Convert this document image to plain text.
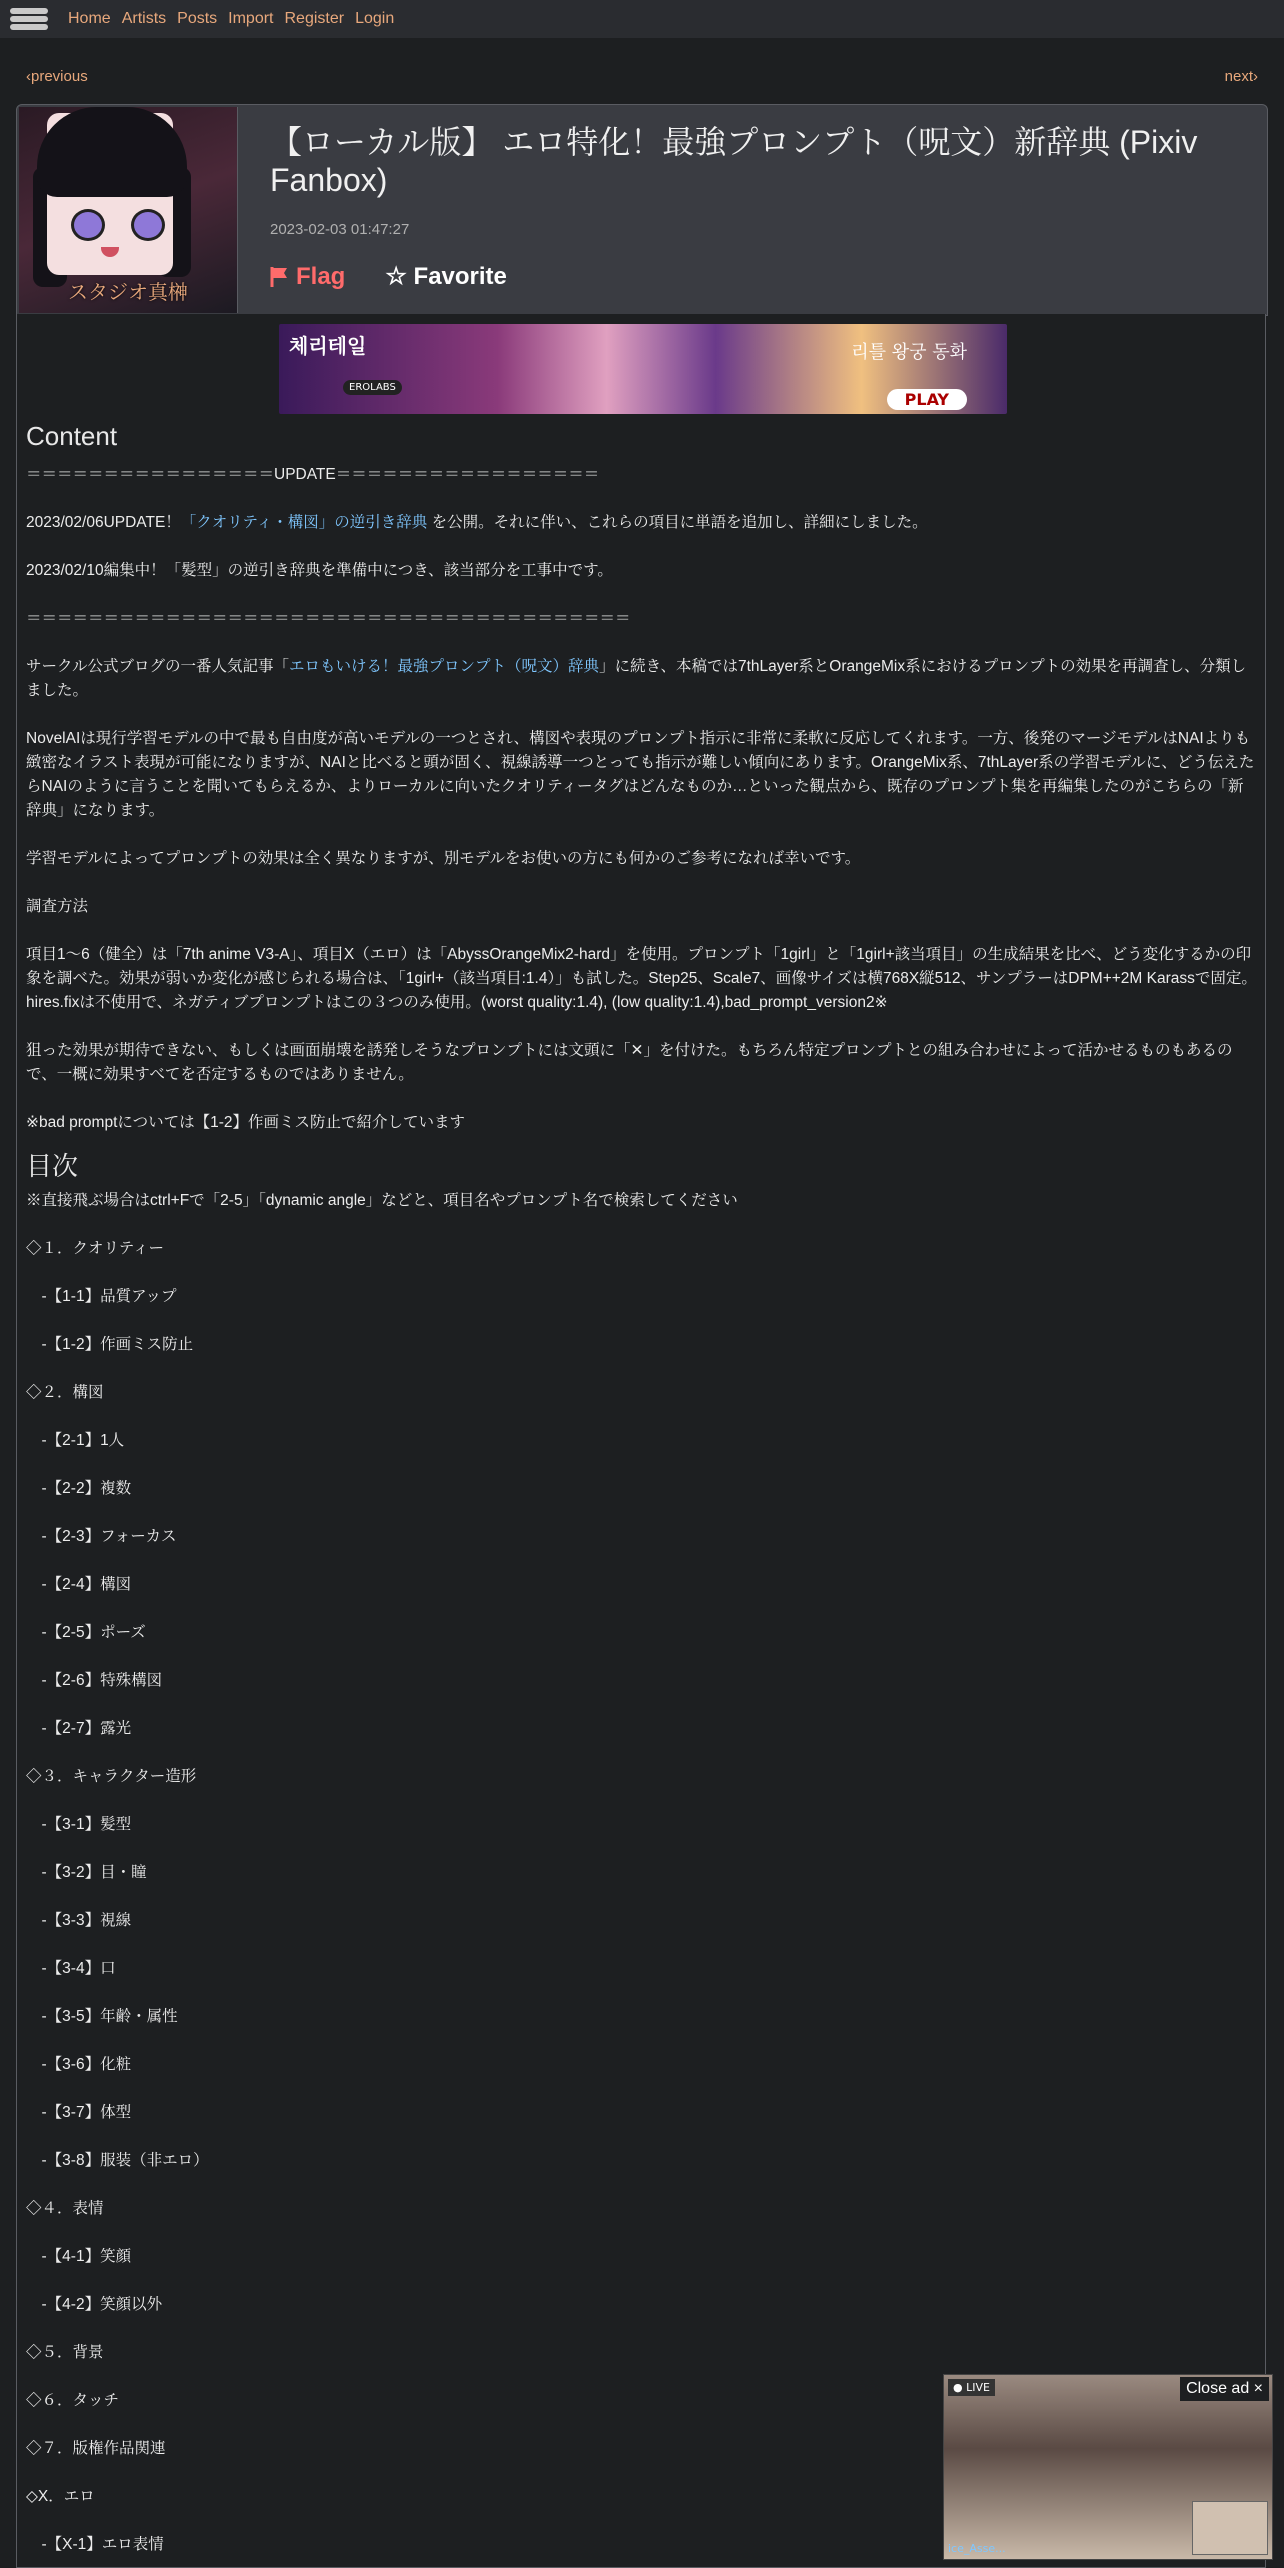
Home Artists Posts Import Register Login
‹previous	next›
スタジオ真榊
【ローカル版】 エロ特化！最強プロンプト（呪文）新辞典 (Pixiv Fanbox)
2023-02-03 01:47:27
Flag ☆ Favorite
체리테일
EROLABS
리틀 왕궁 동화
PLAY
Content

＝＝＝＝＝＝＝＝＝＝＝＝＝＝＝＝UPDATE＝＝＝＝＝＝＝＝＝＝＝＝＝＝＝＝＝

2023/02/06UPDATE！「クオリティ・構図」の逆引き辞典 を公開。それに伴い、これらの項目に単語を追加し、詳細にしました。

2023/02/10編集中！「髪型」の逆引き辞典を準備中につき、該当部分を工事中です。

＝＝＝＝＝＝＝＝＝＝＝＝＝＝＝＝＝＝＝＝＝＝＝＝＝＝＝＝＝＝＝＝＝＝＝＝＝＝＝

サークル公式ブログの一番人気記事「エロもいける！最強プロンプト（呪文）辞典」に続き、本稿では7thLayer系とOrangeMix系におけるプロンプトの効果を再調査し、分類しました。

NovelAIは現行学習モデルの中で最も自由度が高いモデルの一つとされ、構図や表現のプロンプト指示に非常に柔軟に反応してくれます。一方、後発のマージモデルはNAIよりも緻密なイラスト表現が可能になりますが、NAIと比べると頭が固く、視線誘導一つとっても指示が難しい傾向にあります。OrangeMix系、7thLayer系の学習モデルに、どう伝えたらNAIのように言うことを聞いてもらえるか、よりローカルに向いたクオリティータグはどんなものか…といった観点から、既存のプロンプト集を再編集したのがこちらの「新辞典」になります。

学習モデルによってプロンプトの効果は全く異なりますが、別モデルをお使いの方にも何かのご参考になれば幸いです。

調査方法

項目1～6（健全）は「7th anime V3-A」、項目X（エロ）は「AbyssOrangeMix2-hard」を使用。プロンプト「1girl」と「1girl+該当項目」の生成結果を比べ、どう変化するかの印象を調べた。効果が弱いか変化が感じられる場合は、「1girl+（該当項目:1.4）」も試した。Step25、Scale7、画像サイズは横768X縦512、サンプラーはDPM++2M Karassで固定。hires.fixは不使用で、ネガティブプロンプトはこの３つのみ使用。(worst quality:1.4), (low quality:1.4),bad_prompt_version2※

狙った効果が期待できない、もしくは画面崩壊を誘発しそうなプロンプトには文頭に「✕」を付けた。もちろん特定プロンプトとの組み合わせによって活かせるものもあるので、一概に効果すべてを否定するものではありません。

※bad promptについては【1-2】作画ミス防止で紹介しています

目次

※直接飛ぶ場合はctrl+Fで「2-5」「dynamic angle」などと、項目名やプロンプト名で検索してください

◇１．クオリティー

　-【1-1】品質アップ

　-【1-2】作画ミス防止

◇２．構図

　-【2-1】1人

　-【2-2】複数

　-【2-3】フォーカス

　-【2-4】構図

　-【2-5】ポーズ

　-【2-6】特殊構図

　-【2-7】露光

◇３．キャラクター造形

　-【3-1】髪型

　-【3-2】目・瞳

　-【3-3】視線

　-【3-4】口

　-【3-5】年齢・属性

　-【3-6】化粧

　-【3-7】体型

　-【3-8】服装（非エロ）

◇４．表情

　-【4-1】笑顔

　-【4-2】笑顔以外

◇５．背景

◇６．タッチ

◇７．版権作品関連

◇X．エロ

　-【X-1】エロ表情

● LIVE	Close ad ×
ice_Asse...
